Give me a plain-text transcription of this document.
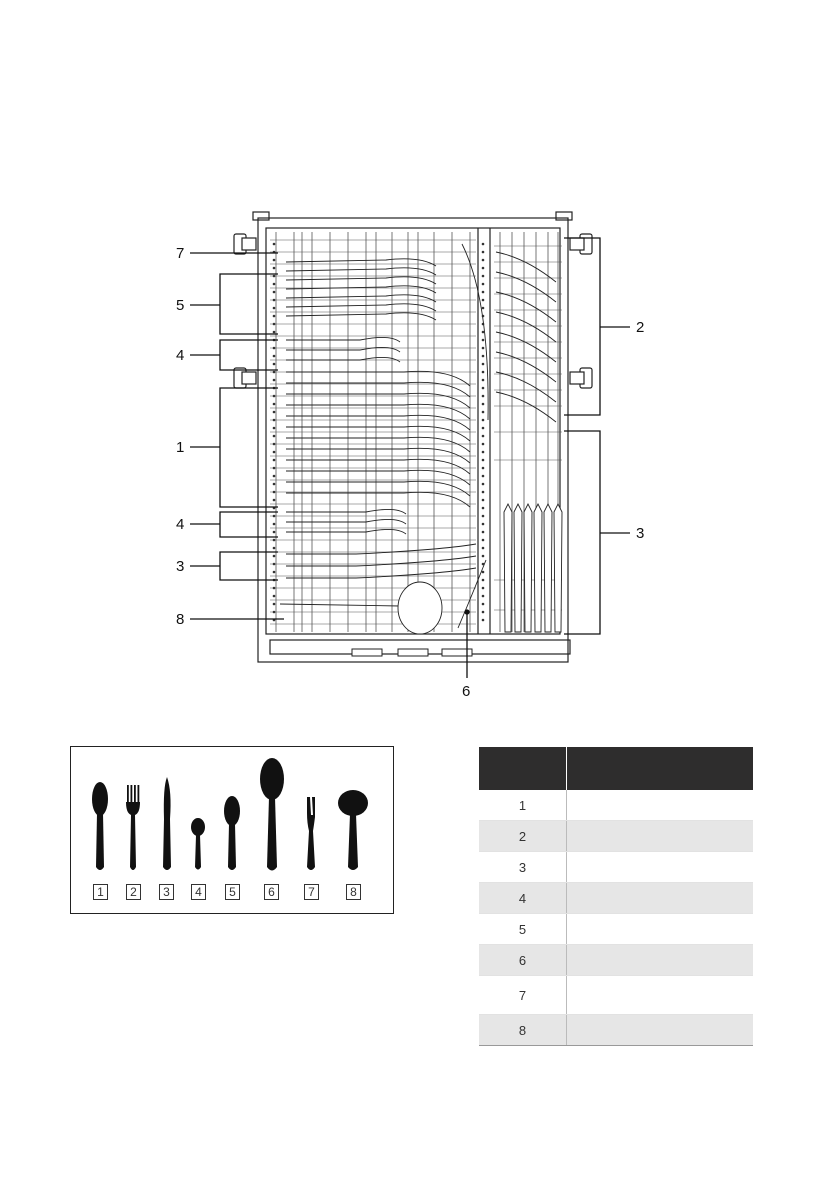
7
5
4
1
4
3
8
2
3
6
1	2	3	4	5	6	7	8

1	
2	
3	
4	
5	
6	
7	
8	
